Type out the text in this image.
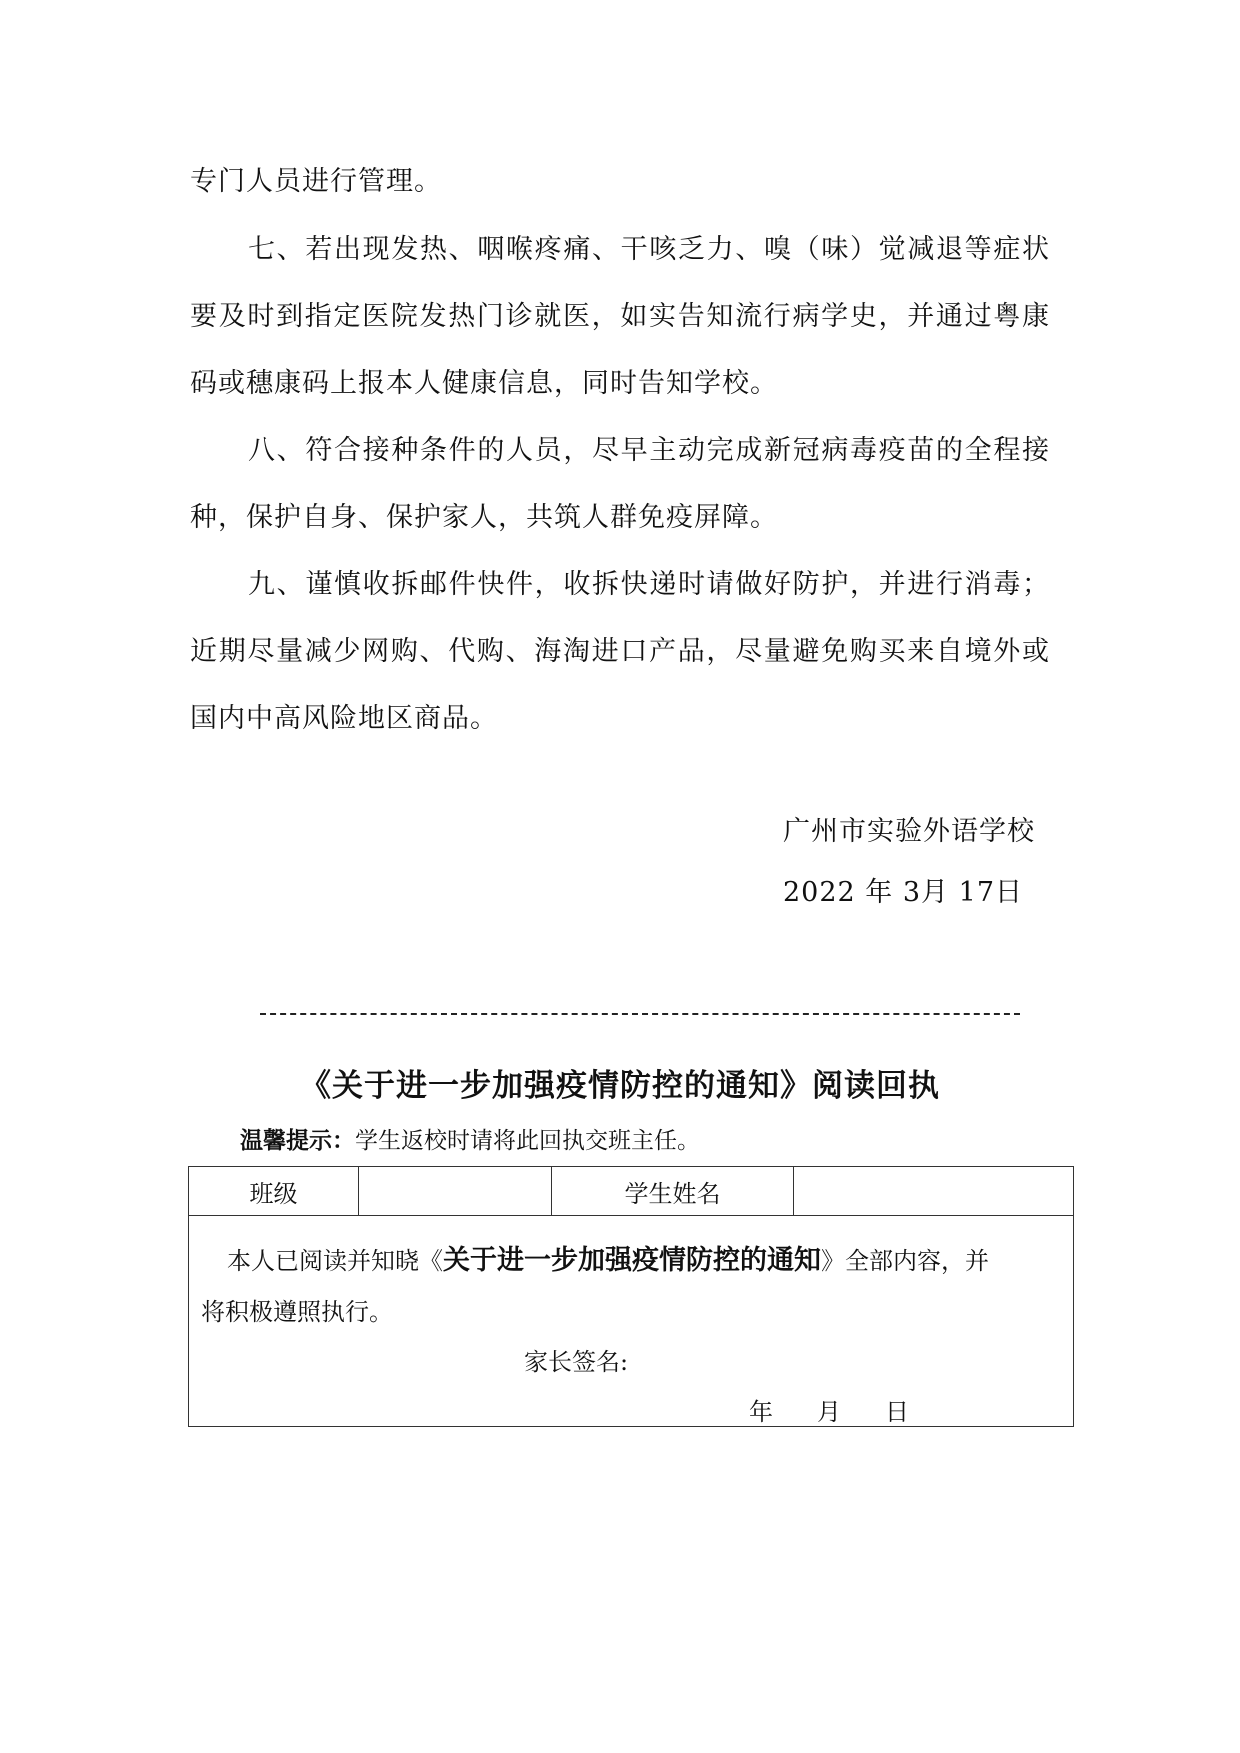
专门人员进行管理。
七、若出现发热、咽喉疼痛、干咳乏力、嗅（味）觉减退等症状
要及时到指定医院发热门诊就医，如实告知流行病学史，并通过粤康
码或穗康码上报本人健康信息，同时告知学校。
八、符合接种条件的人员，尽早主动完成新冠病毒疫苗的全程接
种，保护自身、保护家人，共筑人群免疫屏障。
九、谨慎收拆邮件快件，收拆快递时请做好防护，并进行消毒；
近期尽量减少网购、代购、海淘进口产品，尽量避免购买来自境外或
国内中高风险地区商品。
广州市实验外语学校
2022 年 3月 17日
《关于进一步加强疫情防控的通知》阅读回执
温馨提示：学生返校时请将此回执交班主任。
班级		学生姓名	

本人已阅读并知晓《关于进一步加强疫情防控的通知》全部内容，并
将积极遵照执行。
家长签名:
年 月 日
